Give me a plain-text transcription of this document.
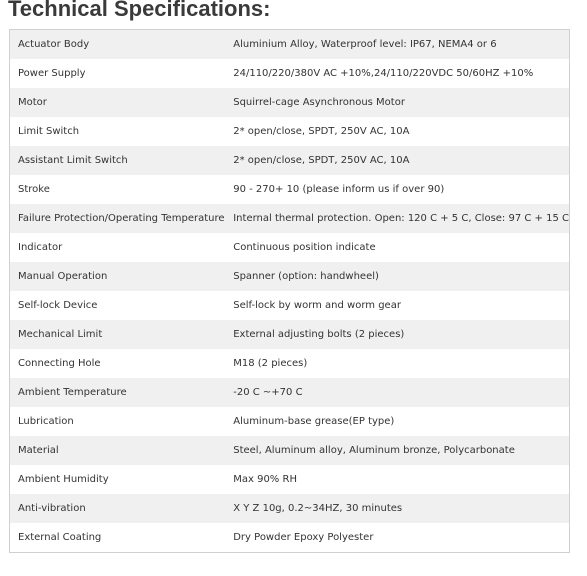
Technical Specifications:
Actuator Body	Aluminium Alloy, Waterproof level: IP67, NEMA4 or 6
Power Supply	24/110/220/380V AC +10%,24/110/220VDC 50/60HZ +10%
Motor	Squirrel-cage Asynchronous Motor
Limit Switch	2* open/close, SPDT, 250V AC, 10A
Assistant Limit Switch	2* open/close, SPDT, 250V AC, 10A
Stroke	90 - 270+ 10 (please inform us if over 90)
Failure Protection/Operating Temperature	Internal thermal protection. Open: 120 C + 5 C, Close: 97 C + 15 C
Indicator	Continuous position indicate
Manual Operation	Spanner (option: handwheel)
Self-lock Device	Self-lock by worm and worm gear
Mechanical Limit	External adjusting bolts (2 pieces)
Connecting Hole	M18 (2 pieces)
Ambient Temperature	-20 C ~+70 C
Lubrication	Aluminum-base grease(EP type)
Material	Steel, Aluminum alloy, Aluminum bronze, Polycarbonate
Ambient Humidity	Max 90% RH
Anti-vibration	X Y Z 10g, 0.2~34HZ, 30 minutes
External Coating	Dry Powder Epoxy Polyester
